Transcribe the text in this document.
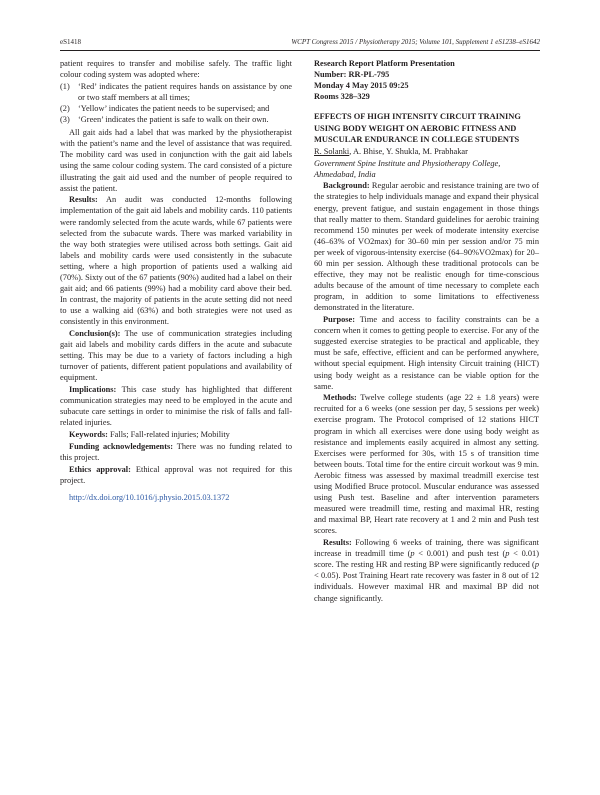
eS1418	WCPT Congress 2015 / Physiotherapy 2015; Volume 101, Supplement 1 eS1238–eS1642

patient requires to transfer and mobilise safely. The traffic light colour coding system was adopted where:

(1) ‘Red’ indicates the patient requires hands on assistance by one or two staff members at all times;
(2) ‘Yellow’ indicates the patient needs to be supervised; and
(3) ‘Green’ indicates the patient is safe to walk on their own.

All gait aids had a label that was marked by the physiotherapist with the patient’s name and the level of assistance that was required. The mobility card was used in conjunction with the gait aid labels using the same colour coding system. The card consisted of a picture illustrating the gait aid used and the number of people required to assist the patient.

Results: An audit was conducted 12-months following implementation of the gait aid labels and mobility cards. 110 patients were randomly selected from the acute wards, while 67 patients were selected from the subacute wards. There was marked variability in the way both strategies were utilised across both settings. Gait aid labels and mobility cards were used consistently in the subacute setting, where a high proportion of patients used a walking aid (70%). Sixty out of the 67 patients (90%) audited had a label on their gait aid; and 66 patients (99%) had a mobility card above their bed. In contrast, the majority of patients in the acute setting did not need to use a walking aid (63%) and both strategies were not used as consistently in this environment.

Conclusion(s): The use of communication strategies including gait aid labels and mobility cards differs in the acute and subacute setting. This may be due to a variety of factors including a high turnover of patients, different patient populations and availability of equipment.

Implications: This case study has highlighted that different communication strategies may need to be employed in the acute and subacute care settings in order to minimise the risk of falls and fall-related injuries.

Keywords: Falls; Fall-related injuries; Mobility

Funding acknowledgements: There was no funding related to this project.

Ethics approval: Ethical approval was not required for this project.

http://dx.doi.org/10.1016/j.physio.2015.03.1372
Research Report Platform Presentation
Number: RR-PL-795
Monday 4 May 2015 09:25
Rooms 328–329

EFFECTS OF HIGH INTENSITY CIRCUIT TRAINING USING BODY WEIGHT ON AEROBIC FITNESS AND MUSCULAR ENDURANCE IN COLLEGE STUDENTS

R. Solanki, A. Bhise, Y. Shukla, M. Prabhakar

Government Spine Institute and Physiotherapy College, Ahmedabad, India

Background: Regular aerobic and resistance training are two of the strategies to help individuals manage and expand their physical energy, prevent fatigue, and sustain engagement in those things that really matter to them. Standard guidelines for aerobic training recommend 150 minutes per week of moderate intensity exercise (46–63% of VO2max) for 30–60 min per session and/or 75 min per week of vigorous-intensity exercise (64–90%VO2max) for 20–60 min per session. Although these traditional protocols can be effective, they may not be realistic enough for time-conscious adults because of the amount of time necessary to complete each program, in addition to some limitations to effectiveness demonstrated in the literature.

Purpose: Time and access to facility constraints can be a concern when it comes to getting people to exercise. For any of the suggested exercise strategies to be practical and applicable, they must be safe, effective, efficient and can be performed anywhere, without special equipment. High intensity Circuit training (HICT) using body weight as a resistance can be viable option for the same.

Methods: Twelve college students (age 22 ± 1.8 years) were recruited for a 6 weeks (one session per day, 5 sessions per week) exercise program. The Protocol comprised of 12 stations HICT program in which all exercises were done using body weight as resistance and implements easily acquired in almost any setting. Exercises were performed for 30s, with 15 s of transition time between bouts. Total time for the entire circuit workout was 9 min. Aerobic fitness was assessed by maximal treadmill exercise test using Modified Bruce protocol. Muscular endurance was assessed using Push test. Baseline and after intervention parameters measured were treadmill time, resting and maximal HR, resting and maximal BP, Heart rate recovery at 1 and 2 min and Push test scores.

Results: Following 6 weeks of training, there was significant increase in treadmill time (p < 0.001) and push test (p < 0.01) score. The resting HR and resting BP were significantly reduced (p < 0.05). Post Training Heart rate recovery was faster in 8 out of 12 individuals. However maximal HR and maximal BP did not change significantly.
